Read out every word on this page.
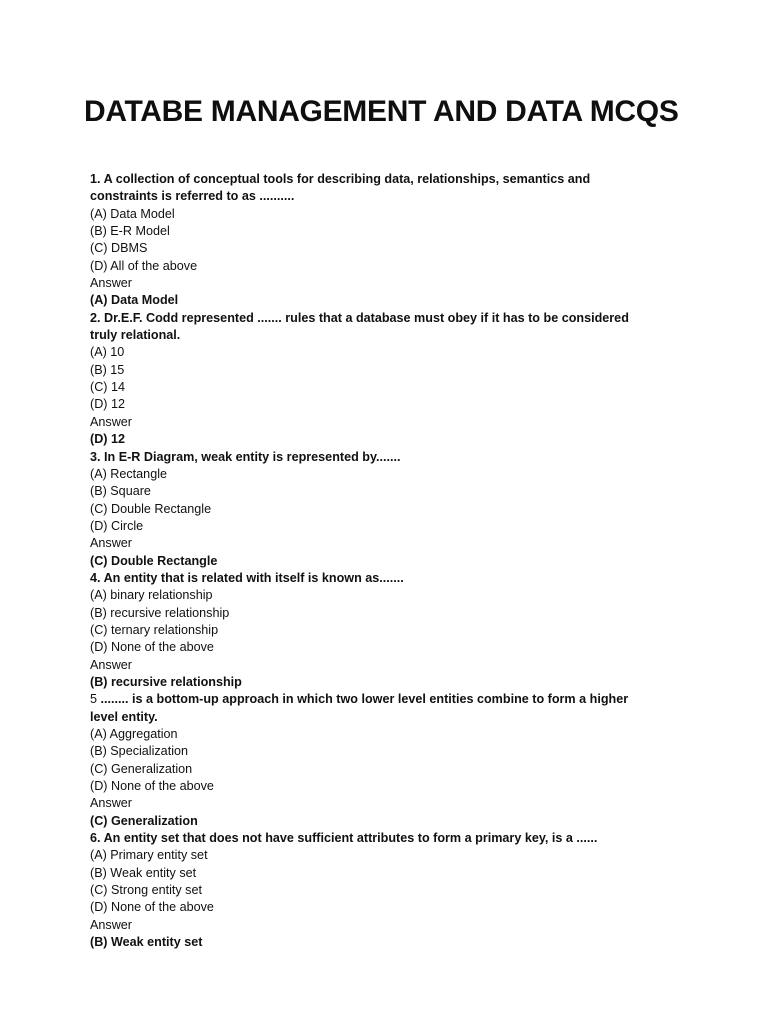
DATABE MANAGEMENT AND DATA MCQS
1. A collection of conceptual tools for describing data, relationships, semantics and constraints is referred to as ..........
(A) Data Model
(B) E-R Model
(C) DBMS
(D) All of the above
Answer
(A) Data Model
2. Dr.E.F. Codd represented ....... rules that a database must obey if it has to be considered truly relational.
(A) 10
(B) 15
(C) 14
(D) 12
Answer
(D) 12
3. In E-R Diagram, weak entity is represented by.......
(A) Rectangle
(B) Square
(C) Double Rectangle
(D) Circle
Answer
(C) Double Rectangle
4. An entity that is related with itself is known as.......
(A) binary relationship
(B) recursive relationship
(C) ternary relationship
(D) None of the above
Answer
(B) recursive relationship
5 ........ is a bottom-up approach in which two lower level entities combine to form a higher level entity.
(A) Aggregation
(B) Specialization
(C) Generalization
(D) None of the above
Answer
(C) Generalization
6. An entity set that does not have sufficient attributes to form a primary key, is a ......
(A) Primary entity set
(B) Weak entity set
(C) Strong entity set
(D) None of the above
Answer
(B) Weak entity set
